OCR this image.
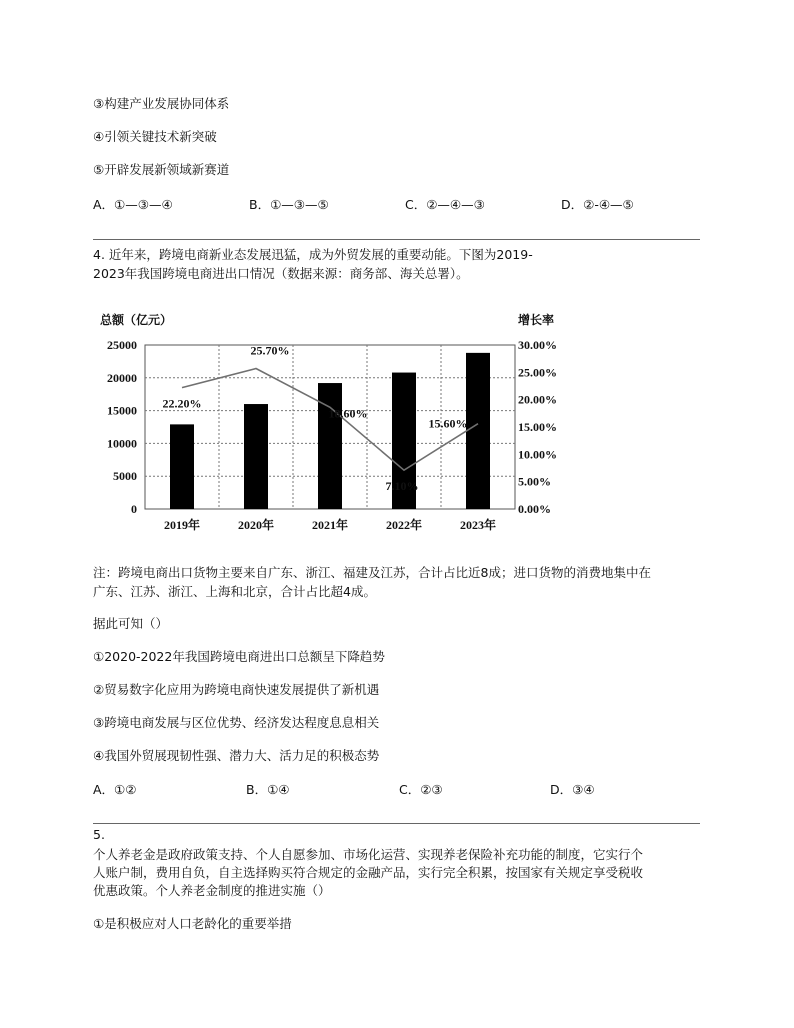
③构建产业发展协同体系
④引领关键技术新突破
⑤开辟发展新领域新赛道
A．①—③—④	B．①—③—⑤	C．②—④—③	D．②-④—⑤
4. 近年来，跨境电商新业态发展迅猛，成为外贸发展的重要动能。下图为2019-
2023年我国跨境电商进出口情况（数据来源：商务部、海关总署）。
总额（亿元）	增长率
0
5000
10000
15000
20000
25000
0.00%
5.00%
10.00%
15.00%
20.00%
25.00%
30.00%
22.20%
25.70%
18.60%
7.10%
15.60%
2019年	2020年	2021年	2022年	2023年
注：跨境电商出口货物主要来自广东、浙江、福建及江苏，合计占比近8成；进口货物的消费地集中在
广东、江苏、浙江、上海和北京，合计占比超4成。
据此可知（）
①2020-2022年我国跨境电商进出口总额呈下降趋势
②贸易数字化应用为跨境电商快速发展提供了新机遇
③跨境电商发展与区位优势、经济发达程度息息相关
④我国外贸展现韧性强、潜力大、活力足的积极态势
A．①②	B．①④	C．②③	D．③④
5.
个人养老金是政府政策支持、个人自愿参加、市场化运营、实现养老保险补充功能的制度，它实行个
人账户制，费用自负，自主选择购买符合规定的金融产品，实行完全积累，按国家有关规定享受税收
优惠政策。个人养老金制度的推进实施（）
①是积极应对人口老龄化的重要举措
